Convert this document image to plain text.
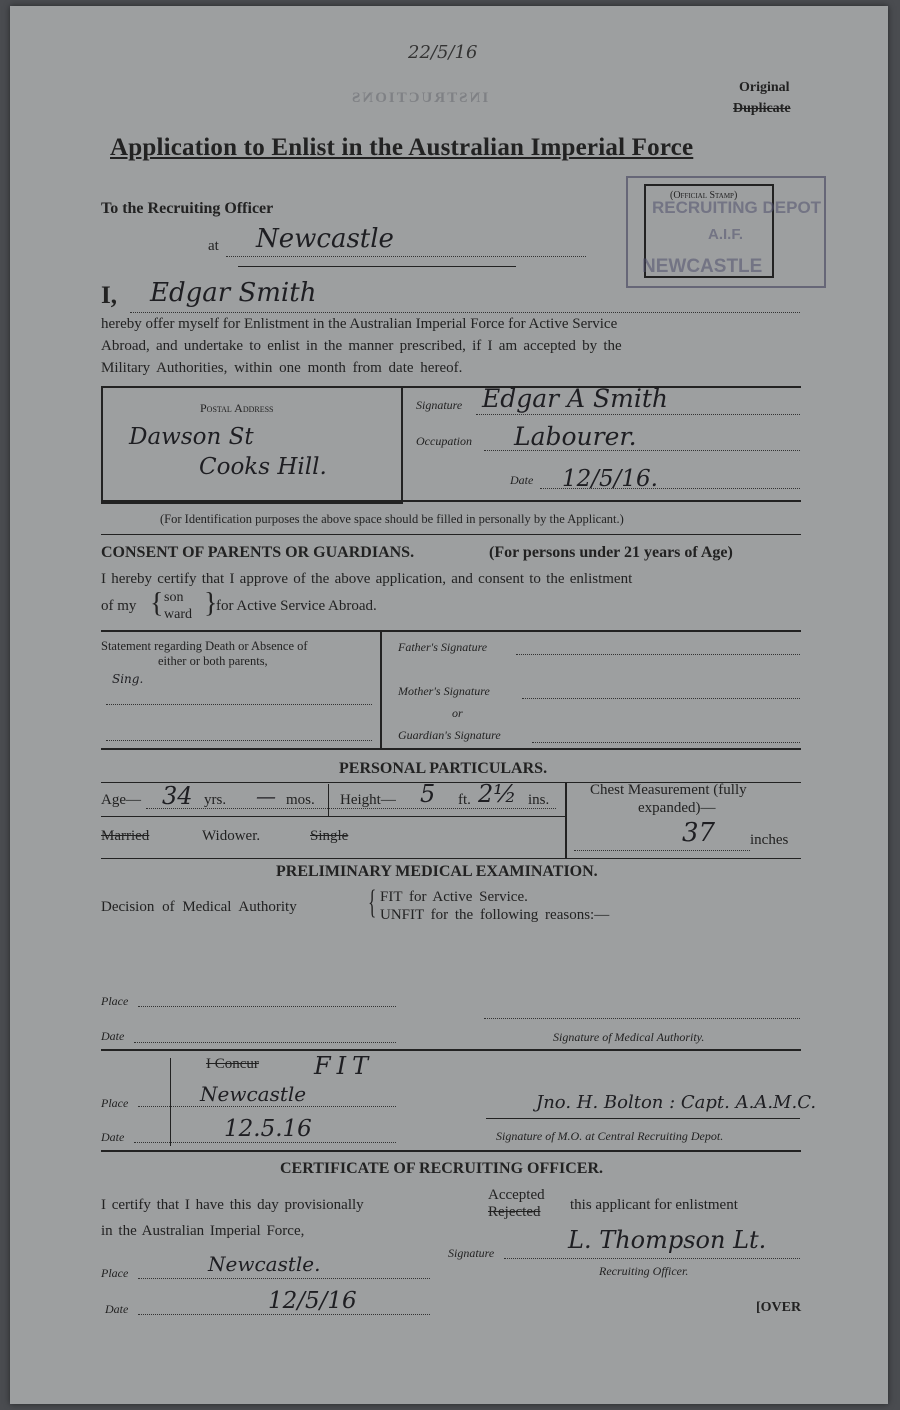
22/5/16
INSTRUCTIONS
Original
Duplicate
Application to Enlist in the Australian Imperial Force
(Official Stamp)
RECRUITING DEPOT
A.I.F.
NEWCASTLE
To the Recruiting Officer
at Newcastle
I, Edgar Smith
hereby offer myself for Enlistment in the Australian Imperial Force for Active Service
Abroad, and undertake to enlist in the manner prescribed, if I am accepted by the
Military Authorities, within one month from date hereof.
Postal Address
Dawson St
Cooks Hill.
Signature Edgar A Smith
Occupation Labourer.
Date 12/5/16.
(For Identification purposes the above space should be filled in personally by the Applicant.)
CONSENT OF PARENTS OR GUARDIANS.	(For persons under 21 years of Age)
I hereby certify that I approve of the above application, and consent to the enlistment
of my { son
ward }
for Active Service Abroad.
Statement regarding Death or Absence of
either or both parents,
Sing.
Father's Signature
Mother's Signature
or
Guardian's Signature
PERSONAL PARTICULARS.
Age— 34 yrs. — mos. Height— 5 ft. 2½ ins.
Married	Widower.	Single
Chest Measurement (fully
expanded)—
37 inches
PRELIMINARY MEDICAL EXAMINATION.
Decision of Medical Authority { FIT for Active Service.
UNFIT for the following reasons:—
Place
Date	Signature of Medical Authority.
I Concur FIT
Place	Newcastle
Date	12.5.16
Jno. H. Bolton : Capt. A.A.M.C.
Signature of M.O. at Central Recruiting Depot.
CERTIFICATE OF RECRUITING OFFICER.
I certify that I have this day provisionally
Accepted
Rejected this applicant for enlistment
in the Australian Imperial Force,
Signature	L. Thompson Lt.
Recruiting Officer.
Place	Newcastle.
Date	12/5/16	[OVER
